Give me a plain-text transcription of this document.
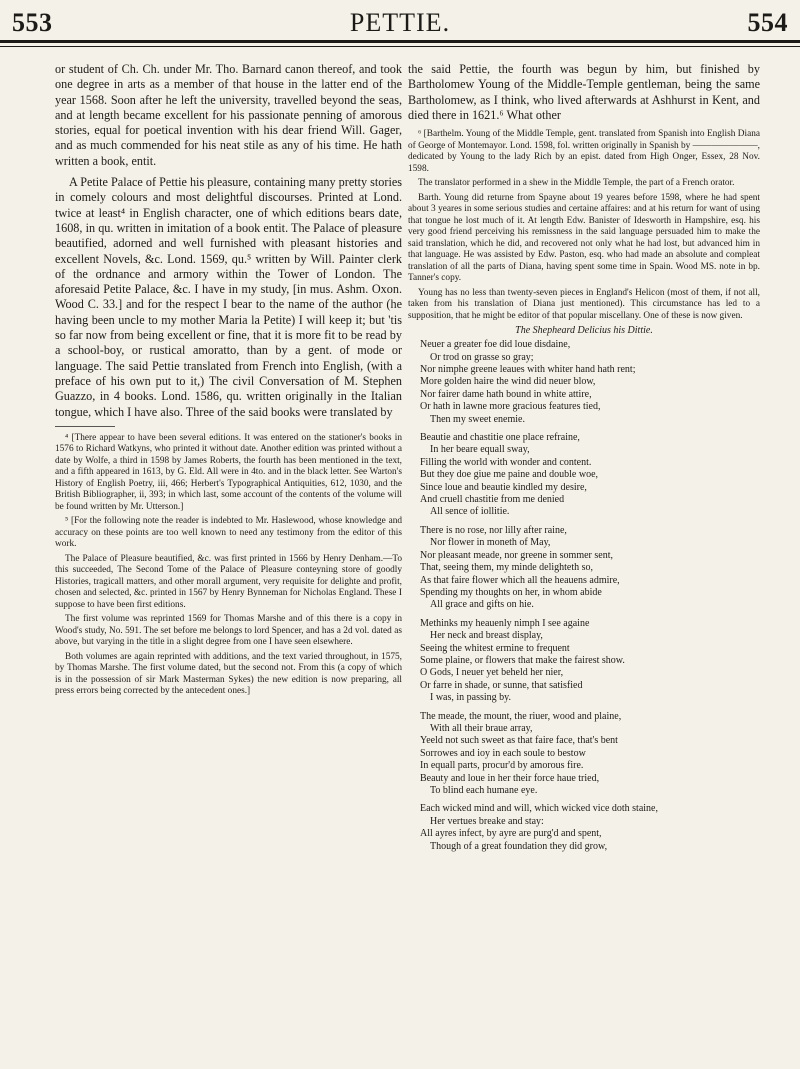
553	PETTIE.	554

or student of Ch. Ch. under Mr. Tho. Barnard canon thereof, and took one degree in arts as a member of that house in the latter end of the year 1568. Soon after he left the university, travelled beyond the seas, and at length became excellent for his passionate penning of amorous stories, equal for poetical invention with his dear friend Will. Gager, and as much commended for his neat stile as any of his time. He hath written a book, entit.

A Petite Palace of Pettie his pleasure, containing many pretty stories in comely colours and most delightful discourses. Printed at Lond. twice at least⁴ in English character, one of which editions bears date, 1608, in qu. written in imitation of a book entit. The Palace of pleasure beautified, adorned and well furnished with pleasant histories and excellent Novels, &c. Lond. 1569, qu.⁵ written by Will. Painter clerk of the ordnance and armory within the Tower of London. The aforesaid Petite Palace, &c. I have in my study, [in mus. Ashm. Oxon. Wood C. 33.] and for the respect I bear to the name of the author (he having been uncle to my mother Maria la Petite) I will keep it; but 'tis so far now from being excellent or fine, that it is more fit to be read by a school-boy, or rustical amoratto, than by a gent. of mode or language. The said Pettie translated from French into English, (with a preface of his own put to it,) The civil Conversation of M. Stephen Guazzo, in 4 books. Lond. 1586, qu. written originally in the Italian tongue, which I have also. Three of the said books were translated by

⁴ [There appear to have been several editions. It was entered on the stationer's books in 1576 to Richard Watkyns, who printed it without date. Another edition was printed without a date by Wolfe, a third in 1598 by James Roberts, the fourth has been mentioned in the text, and a fifth appeared in 1613, by G. Eld. All were in 4to. and in the black letter. See Warton's History of English Poetry, iii, 466; Herbert's Typographical Antiquities, 612, 1030, and the British Bibliographer, ii, 393; in which last, some account of the contents of the volume will be found written by Mr. Utterson.]

⁵ [For the following note the reader is indebted to Mr. Haslewood, whose knowledge and accuracy on these points are too well known to need any testimony from the editor of this work.

The Palace of Pleasure beautified, &c. was first printed in 1566 by Henry Denham.—To this succeeded, The Second Tome of the Palace of Pleasure conteyning store of goodly Histories, tragicall matters, and other morall argument, very requisite for delighte and profit, chosen and selected, &c. printed in 1567 by Henry Bynneman for Nicholas England. These I suppose to have been first editions.

The first volume was reprinted 1569 for Thomas Marshe and of this there is a copy in Wood's study, No. 591. The set before me belongs to lord Spencer, and has a 2d vol. dated as above, but varying in the title in a slight degree from one I have seen elsewhere.

Both volumes are again reprinted with additions, and the text varied throughout, in 1575, by Thomas Marshe. The first volume dated, but the second not. From this (a copy of which is in the possession of sir Mark Masterman Sykes) the new edition is now preparing, all press errors being corrected by the antecedent ones.]

the said Pettie, the fourth was begun by him, but finished by Bartholomew Young of the Middle-Temple gentleman, being the same Bartholomew, as I think, who lived afterwards at Ashhurst in Kent, and died there in 1621.⁶ What other

⁶ [Barthelm. Young of the Middle Temple, gent. translated from Spanish into English Diana of George of Montemayor. Lond. 1598, fol. written originally in Spanish by ———————, dedicated by Young to the lady Rich by an epist. dated from High Onger, Essex, 28 Nov. 1598.

The translator performed in a shew in the Middle Temple, the part of a French orator.

Barth. Young did returne from Spayne about 19 yeares before 1598, where he had spent about 3 yeares in some serious studies and certaine affaires: and at his return for want of using that tongue he lost much of it. At length Edw. Banister of Idesworth in Hampshire, esq. his very good friend perceiving his remissness in the said language persuaded him to make the said translation, which he did, and recovered not only what he had lost, but advanced him in that language. He was assisted by Edw. Paston, esq. who had made an absolute and compleat translation of all the parts of Diana, having spent some time in Spain. Wood MS. note in bp. Tanner's copy.

Young has no less than twenty-seven pieces in England's Helicon (most of them, if not all, taken from his translation of Diana just mentioned). This circumstance has led to a supposition, that he might be editor of that popular miscellany. One of these is now given.

The Shepheard Delicius his Dittie.
Neuer a greater foe did loue disdaine,
Or trod on grasse so gray;
Nor nimphe greene leaues with whiter hand hath rent;
More golden haire the wind did neuer blow,
Nor fairer dame hath bound in white attire,
Or hath in lawne more gracious features tied,
Then my sweet enemie.
Beautie and chastitie one place refraine,
In her beare equall sway,
Filling the world with wonder and content.
But they doe giue me paine and double woe,
Since loue and beautie kindled my desire,
And cruell chastitie from me denied
All sence of iollitie.
There is no rose, nor lilly after raine,
Nor flower in moneth of May,
Nor pleasant meade, nor greene in sommer sent,
That, seeing them, my minde delighteth so,
As that faire flower which all the heauens admire,
Spending my thoughts on her, in whom abide
All grace and gifts on hie.
Methinks my heauenly nimph I see againe
Her neck and breast display,
Seeing the whitest ermine to frequent
Some plaine, or flowers that make the fairest show.
O Gods, I neuer yet beheld her nier,
Or farre in shade, or sunne, that satisfied
I was, in passing by.
The meade, the mount, the riuer, wood and plaine,
With all their braue array,
Yeeld not such sweet as that faire face, that's bent
Sorrowes and ioy in each soule to bestow
In equall parts, procur'd by amorous fire.
Beauty and loue in her their force haue tried,
To blind each humane eye.
Each wicked mind and will, which wicked vice doth staine,
Her vertues breake and stay:
All ayres infect, by ayre are purg'd and spent,
Though of a great foundation they did grow,
